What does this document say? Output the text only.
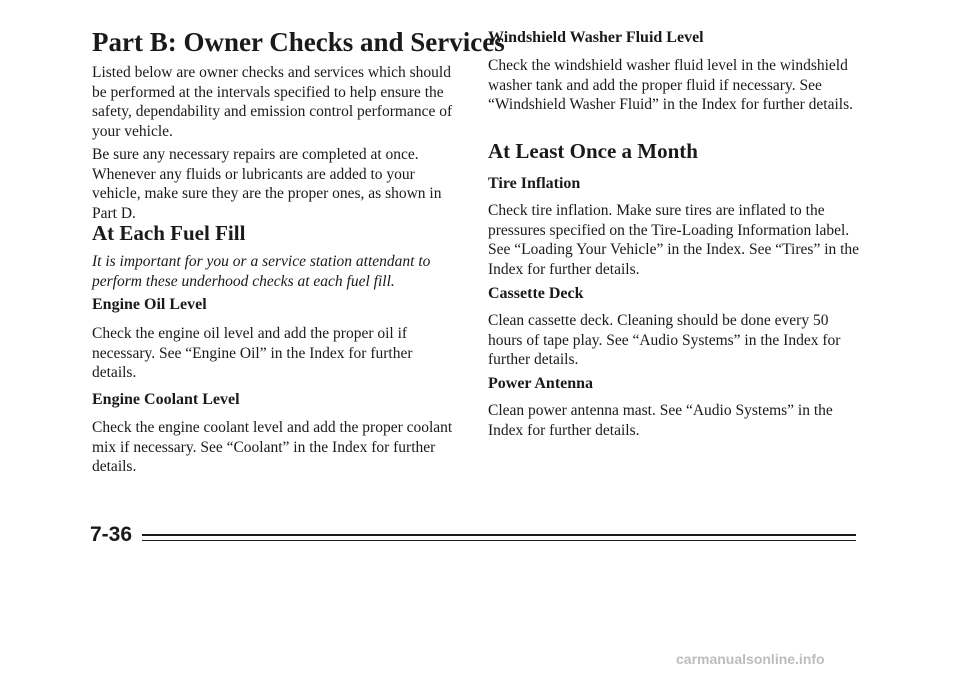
Part B: Owner Checks and Services

Listed below are owner checks and services which should be performed at the intervals specified to help ensure the safety, dependability and emission control performance of your vehicle.

Be sure any necessary repairs are completed at once. Whenever any fluids or lubricants are added to your vehicle, make sure they are the proper ones, as shown in Part D.

At Each Fuel Fill

It is important for you or a service station attendant to perform these underhood checks at each fuel fill.

Engine Oil Level

Check the engine oil level and add the proper oil if necessary. See “Engine Oil” in the Index for further details.

Engine Coolant Level

Check the engine coolant level and add the proper coolant mix if necessary. See “Coolant” in the Index for further details.

Windshield Washer Fluid Level

Check the windshield washer fluid level in the windshield washer tank and add the proper fluid if necessary. See “Windshield Washer Fluid” in the Index for further details.

At Least Once a Month
Tire Inflation

Check tire inflation. Make sure tires are inflated to the pressures specified on the Tire-Loading Information label. See “Loading Your Vehicle” in the Index. See “Tires” in the Index for further details.

Cassette Deck

Clean cassette deck. Cleaning should be done every 50 hours of tape play. See “Audio Systems” in the Index for further details.

Power Antenna

Clean power antenna mast. See “Audio Systems” in the Index for further details.

7-36
carmanualsonline.info
